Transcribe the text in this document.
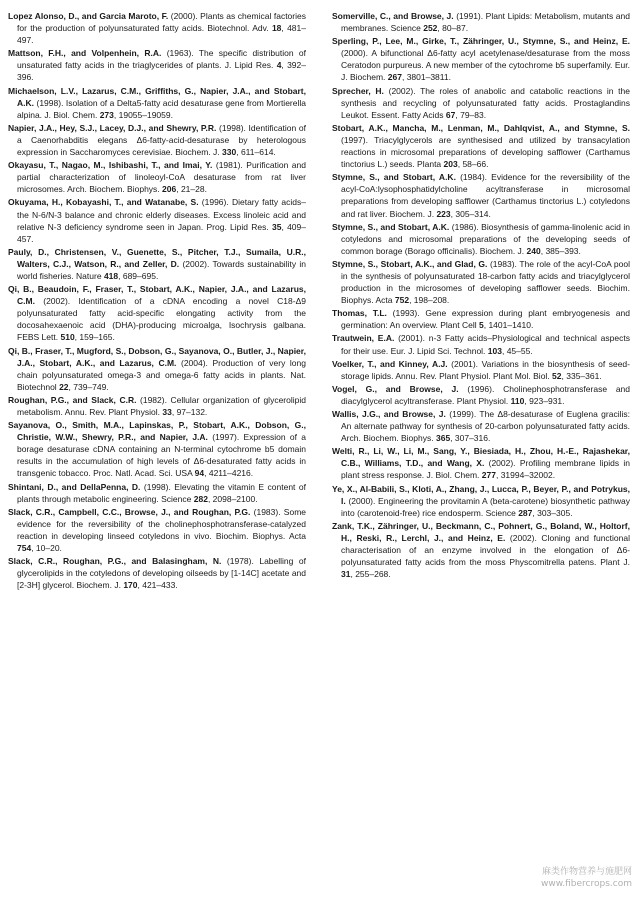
Lopez Alonso, D., and Garcia Maroto, F. (2000). Plants as chemical factories for the production of polyunsaturated fatty acids. Biotechnol. Adv. 18, 481–497.

Mattson, F.H., and Volpenhein, R.A. (1963). The specific distribution of unsaturated fatty acids in the triaglycerides of plants. J. Lipid Res. 4, 392–396.

Michaelson, L.V., Lazarus, C.M., Griffiths, G., Napier, J.A., and Stobart, A.K. (1998). Isolation of a Delta5-fatty acid desaturase gene from Mortierella alpina. J. Biol. Chem. 273, 19055–19059.

Napier, J.A., Hey, S.J., Lacey, D.J., and Shewry, P.R. (1998). Identification of a Caenorhabditis elegans Δ6-fatty-acid-desaturase by heterologous expression in Saccharomyces cerevisiae. Biochem. J. 330, 611–614.

Okayasu, T., Nagao, M., Ishibashi, T., and Imai, Y. (1981). Purification and partial characterization of linoleoyl-CoA desaturase from rat liver microsomes. Arch. Biochem. Biophys. 206, 21–28.

Okuyama, H., Kobayashi, T., and Watanabe, S. (1996). Dietary fatty acids–the N-6/N-3 balance and chronic elderly diseases. Excess linoleic acid and relative N-3 deficiency syndrome seen in Japan. Prog. Lipid Res. 35, 409–457.

Pauly, D., Christensen, V., Guenette, S., Pitcher, T.J., Sumaila, U.R., Walters, C.J., Watson, R., and Zeller, D. (2002). Towards sustainability in world fisheries. Nature 418, 689–695.

Qi, B., Beaudoin, F., Fraser, T., Stobart, A.K., Napier, J.A., and Lazarus, C.M. (2002). Identification of a cDNA encoding a novel C18-Δ9 polyunsaturated fatty acid-specific elongating activity from the docosahexaenoic acid (DHA)-producing microalga, Isochrysis galbana. FEBS Lett. 510, 159–165.

Qi, B., Fraser, T., Mugford, S., Dobson, G., Sayanova, O., Butler, J., Napier, J.A., Stobart, A.K., and Lazarus, C.M. (2004). Production of very long chain polyunsaturated omega-3 and omega-6 fatty acids in plants. Nat. Biotechnol 22, 739–749.

Roughan, P.G., and Slack, C.R. (1982). Cellular organization of glycerolipid metabolism. Annu. Rev. Plant Physiol. 33, 97–132.

Sayanova, O., Smith, M.A., Lapinskas, P., Stobart, A.K., Dobson, G., Christie, W.W., Shewry, P.R., and Napier, J.A. (1997). Expression of a borage desaturase cDNA containing an N-terminal cytochrome b5 domain results in the accumulation of high levels of Δ6-desaturated fatty acids in transgenic tobacco. Proc. Natl. Acad. Sci. USA 94, 4211–4216.

Shintani, D., and DellaPenna, D. (1998). Elevating the vitamin E content of plants through metabolic engineering. Science 282, 2098–2100.

Slack, C.R., Campbell, C.C., Browse, J., and Roughan, P.G. (1983). Some evidence for the reversibility of the cholinephosphotransferase-catalyzed reaction in developing linseed cotyledons in vivo. Biochim. Biophys. Acta 754, 10–20.

Slack, C.R., Roughan, P.G., and Balasingham, N. (1978). Labelling of glycerolipids in the cotyledons of developing oilseeds by [1-14C] acetate and [2-3H] glycerol. Biochem. J. 170, 421–433.

Somerville, C., and Browse, J. (1991). Plant Lipids: Metabolism, mutants and membranes. Science 252, 80–87.

Sperling, P., Lee, M., Girke, T., Zähringer, U., Stymne, S., and Heinz, E. (2000). A bifunctional Δ6-fatty acyl acetylenase/desaturase from the moss Ceratodon purpureus. A new member of the cytochrome b5 superfamily. Eur. J. Biochem. 267, 3801–3811.

Sprecher, H. (2002). The roles of anabolic and catabolic reactions in the synthesis and recycling of polyunsaturated fatty acids. Prostaglandins Leukot. Essent. Fatty Acids 67, 79–83.

Stobart, A.K., Mancha, M., Lenman, M., Dahlqvist, A., and Stymne, S. (1997). Triacylglycerols are synthesised and utilized by transacylation reactions in microsomal preparations of developing safflower (Carthamus tinctorius L.) seeds. Planta 203, 58–66.

Stymne, S., and Stobart, A.K. (1984). Evidence for the reversibility of the acyl-CoA:lysophosphatidylcholine acyltransferase in microsomal preparations from developing safflower (Carthamus tinctorius L.) cotyledons and rat liver. Biochem. J. 223, 305–314.

Stymne, S., and Stobart, A.K. (1986). Biosynthesis of gamma-linolenic acid in cotyledons and microsomal preparations of the developing seeds of common borage (Borago officinalis). Biochem. J. 240, 385–393.

Stymne, S., Stobart, A.K., and Glad, G. (1983). The role of the acyl-CoA pool in the synthesis of polyunsaturated 18-carbon fatty acids and triacylglycerol production in the microsomes of developing safflower seeds. Biochim. Biophys. Acta 752, 198–208.

Thomas, T.L. (1993). Gene expression during plant embryogenesis and germination: An overview. Plant Cell 5, 1401–1410.

Trautwein, E.A. (2001). n-3 Fatty acids–Physiological and technical aspects for their use. Eur. J. Lipid Sci. Technol. 103, 45–55.

Voelker, T., and Kinney, A.J. (2001). Variations in the biosynthesis of seed-storage lipids. Annu. Rev. Plant Physiol. Plant Mol. Biol. 52, 335–361.

Vogel, G., and Browse, J. (1996). Cholinephosphotransferase and diacylglycerol acyltransferase. Plant Physiol. 110, 923–931.

Wallis, J.G., and Browse, J. (1999). The Δ8-desaturase of Euglena gracilis: An alternate pathway for synthesis of 20-carbon polyunsaturated fatty acids. Arch. Biochem. Biophys. 365, 307–316.

Welti, R., Li, W., Li, M., Sang, Y., Biesiada, H., Zhou, H.-E., Rajashekar, C.B., Williams, T.D., and Wang, X. (2002). Profiling membrane lipids in plant stress response. J. Biol. Chem. 277, 31994–32002.

Ye, X., Al-Babili, S., Kloti, A., Zhang, J., Lucca, P., Beyer, P., and Potrykus, I. (2000). Engineering the provitamin A (beta-carotene) biosynthetic pathway into (carotenoid-free) rice endosperm. Science 287, 303–305.

Zank, T.K., Zähringer, U., Beckmann, C., Pohnert, G., Boland, W., Holtorf, H., Reski, R., Lerchl, J., and Heinz, E. (2002). Cloning and functional characterisation of an enzyme involved in the elongation of Δ6-polyunsaturated fatty acids from the moss Physcomitrella patens. Plant J. 31, 255–268.

麻类作物营养与施肥网
www.fibercrops.com
